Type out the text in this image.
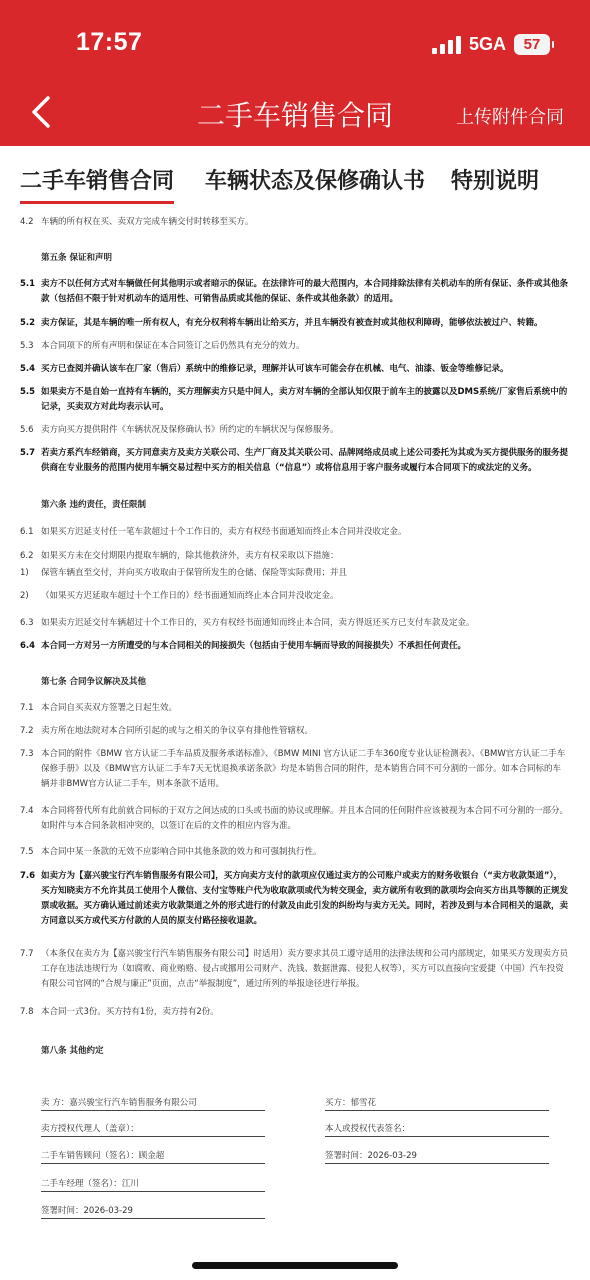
17:57	5GA	57
二手车销售合同	上传附件合同
二手车销售合同 车辆状态及保修确认书 特别说明
4.2 车辆的所有权在买、卖双方完成车辆交付时转移至买方。
第五条 保证和声明
5.1 卖方不以任何方式对车辆做任何其他明示或者暗示的保证。在法律许可的最大范围内，本合同排除法律有关机动车的所有保证、条件或其他条款（包括但不限于针对机动车的适用性、可销售品质或其他的保证、条件或其他条款）的适用。
5.2 卖方保证，其是车辆的唯一所有权人，有充分权利将车辆出让给买方，并且车辆没有被查封或其他权利障碍，能够依法被过户、转籍。
5.3 本合同项下的所有声明和保证在本合同签订之后仍然具有充分的效力。
5.4 买方已查阅并确认该车在厂家（售后）系统中的维修记录，理解并认可该车可能会存在机械、电气、油漆、钣金等维修记录。
5.5 如果卖方不是自始一直持有车辆的，买方理解卖方只是中间人，卖方对车辆的全部认知仅限于前车主的披露以及DMS系统/厂家售后系统中的记录，买卖双方对此均表示认可。
5.6 卖方向买方提供附件《车辆状况及保修确认书》所约定的车辆状况与保修服务。
5.7 若卖方系汽车经销商，买方同意卖方及卖方关联公司、生产厂商及其关联公司、品牌网络成员或上述公司委托为其或为买方提供服务的服务提供商在专业服务的范围内使用车辆交易过程中买方的相关信息（“信息”）或将信息用于客户服务或履行本合同项下的或法定的义务。
第六条 违约责任，责任限制
6.1 如果买方迟延支付任一笔车款超过十个工作日的，卖方有权经书面通知而终止本合同并没收定金。
6.2 如果买方未在交付期限内提取车辆的，除其他救济外，卖方有权采取以下措施：
1) 保管车辆直至交付，并向买方收取由于保管所发生的仓储、保险等实际费用；并且
2) （如果买方迟延取车超过十个工作日的）经书面通知而终止本合同并没收定金。
6.3 如果卖方迟延交付车辆超过十个工作日的，买方有权经书面通知而终止本合同，卖方得返还买方已支付车款及定金。
6.4 本合同一方对另一方所遭受的与本合同相关的间接损失（包括由于使用车辆而导致的间接损失）不承担任何责任。
第七条 合同争议解决及其他
7.1 本合同自买卖双方签署之日起生效。
7.2 卖方所在地法院对本合同所引起的或与之相关的争议享有排他性管辖权。
7.3 本合同的附件《BMW 官方认证二手车品质及服务承诺标准》、《BMW MINI 官方认证二手车360度专业认证检测表》、《BMW官方认证二手车保修手册》以及《BMW官方认证二手车7天无忧退换承诺条款》均是本销售合同的附件，是本销售合同不可分割的一部分。如本合同标的车辆并非BMW官方认证二手车，则本条款不适用。
7.4 本合同将替代所有此前就合同标的于双方之间达成的口头或书面的协议或理解。并且本合同的任何附件应该被视为本合同不可分割的一部分。如附件与本合同条款相冲突的，以签订在后的文件的相应内容为准。
7.5 本合同中某一条款的无效不应影响合同中其他条款的效力和可强制执行性。
7.6 如卖方为【嘉兴骏宝行汽车销售服务有限公司】，买方向卖方支付的款项应仅通过卖方的公司账户或卖方的财务收银台（“卖方收款渠道”），买方知晓卖方不允许其员工使用个人微信、支付宝等账户代为收取款项或代为转交现金，卖方就所有收到的款项均会向买方出具等额的正规发票或收据。买方确认通过前述卖方收款渠道之外的形式进行的付款及由此引发的纠纷均与卖方无关。同时，若涉及到与本合同相关的退款，卖方同意以买方或代买方付款的人员的原支付路径接收退款。
7.7 （本条仅在卖方为【嘉兴骏宝行汽车销售服务有限公司】时适用）卖方要求其员工遵守适用的法律法规和公司内部规定，如果买方发现卖方员工存在违法违规行为（如腐败、商业贿赂、侵占或挪用公司财产、洗钱、数据泄露、侵犯人权等），买方可以直接向宝爱捷（中国）汽车投资有限公司官网的“合规与廉正”页面，点击“举报制度”，通过所列的举报途径进行举报。
7.8 本合同一式3份。买方持有1份，卖方持有2份。
第八条 其他约定
卖 方：嘉兴骏宝行汽车销售服务有限公司	买方：郁雪花
卖方授权代理人（盖章）：	本人或授权代表签名：
二手车销售顾问（签名）：顾金超	签署时间：2026-03-29
二手车经理（签名）：江川
签署时间：2026-03-29
